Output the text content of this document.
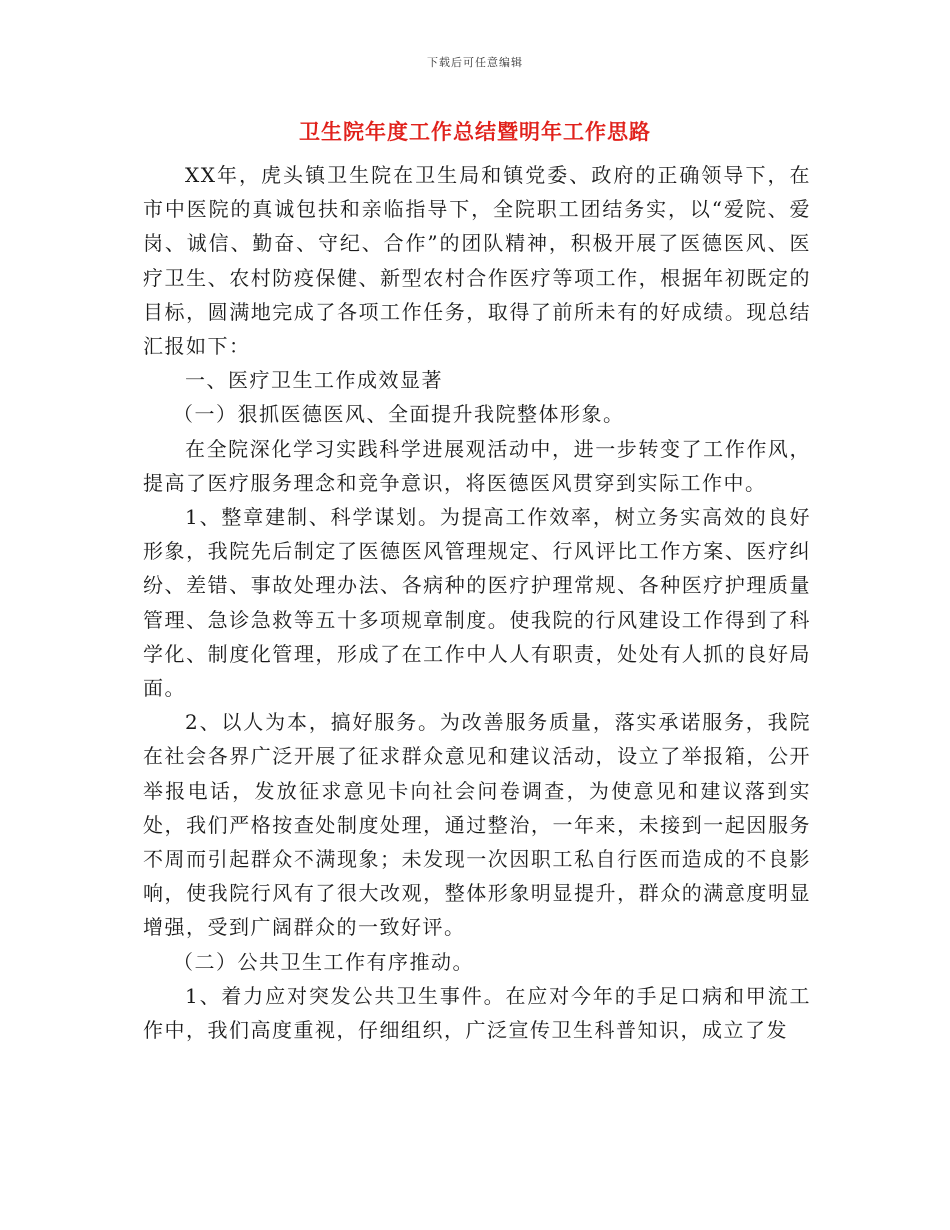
下载后可任意编辑
卫生院年度工作总结暨明年工作思路

XX年，虎头镇卫生院在卫生局和镇党委、政府的正确领导下，在市中医院的真诚包扶和亲临指导下，全院职工团结务实，以“爱院、爱岗、诚信、勤奋、守纪、合作”的团队精神，积极开展了医德医风、医疗卫生、农村防疫保健、新型农村合作医疗等项工作，根据年初既定的目标，圆满地完成了各项工作任务，取得了前所未有的好成绩。现总结汇报如下：

一、医疗卫生工作成效显著

（一）狠抓医德医风、全面提升我院整体形象。

在全院深化学习实践科学进展观活动中，进一步转变了工作作风，提高了医疗服务理念和竞争意识，将医德医风贯穿到实际工作中。

1、整章建制、科学谋划。为提高工作效率，树立务实高效的良好形象，我院先后制定了医德医风管理规定、行风评比工作方案、医疗纠纷、差错、事故处理办法、各病种的医疗护理常规、各种医疗护理质量管理、急诊急救等五十多项规章制度。使我院的行风建设工作得到了科学化、制度化管理，形成了在工作中人人有职责，处处有人抓的良好局面。

2、以人为本，搞好服务。为改善服务质量，落实承诺服务，我院在社会各界广泛开展了征求群众意见和建议活动，设立了举报箱，公开举报电话，发放征求意见卡向社会问卷调查，为使意见和建议落到实处，我们严格按查处制度处理，通过整治，一年来，未接到一起因服务不周而引起群众不满现象；未发现一次因职工私自行医而造成的不良影响，使我院行风有了很大改观，整体形象明显提升，群众的满意度明显增强，受到广阔群众的一致好评。

（二）公共卫生工作有序推动。

1、着力应对突发公共卫生事件。在应对今年的手足口病和甲流工作中，我们高度重视，仔细组织，广泛宣传卫生科普知识，成立了发
